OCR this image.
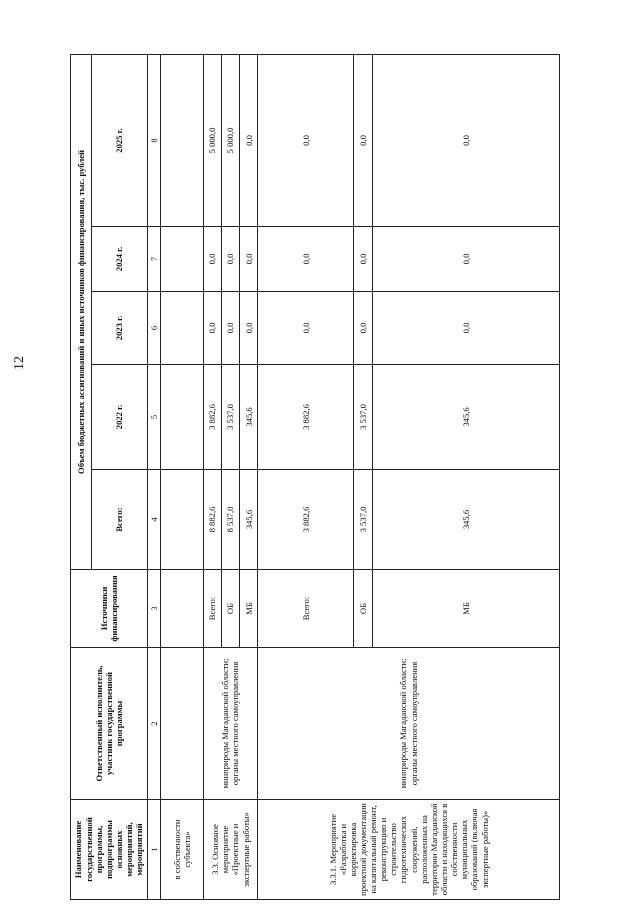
12
Наименование государственной программы, подпрограммы основных мероприятий, мероприятий	Ответственный исполнитель, участник государственной программы	Источники финансирования	Объем бюджетных ассигнований и иных источников финансирования, тыс. рублей				
			Всего:	2022 г.	2023 г.	2024 г.	2025 г.
1	2	3	4	5	6	7	8
в собственности субъекта»							
3.3. Основное мероприятие «Проектные и экспертные работы»	минприроды Магаданской области; органы местного самоуправления	Всего:	8 882,6	3 882,6	0,0	0,0	5 000,0
		ОБ	8 537,0	3 537,0	0,0	0,0	5 000,0
		МБ	345,6	345,6	0,0	0,0	0,0
3.3.1. Мероприятие «Разработка и корректировка проектной документации на капитальный ремонт, реконструкцию и строительство гидротехнических сооружений, расположенных на территории Магаданской области и находящихся в собственности муниципальных образований (включая экспертные работы)»	минприроды Магаданской области; органы местного самоуправления	Всего:	3 882,6	3 882,6	0,0	0,0	0,0
		ОБ	3 537,0	3 537,0	0,0	0,0	0,0
		МБ	345,6	345,6	0,0	0,0	0,0
